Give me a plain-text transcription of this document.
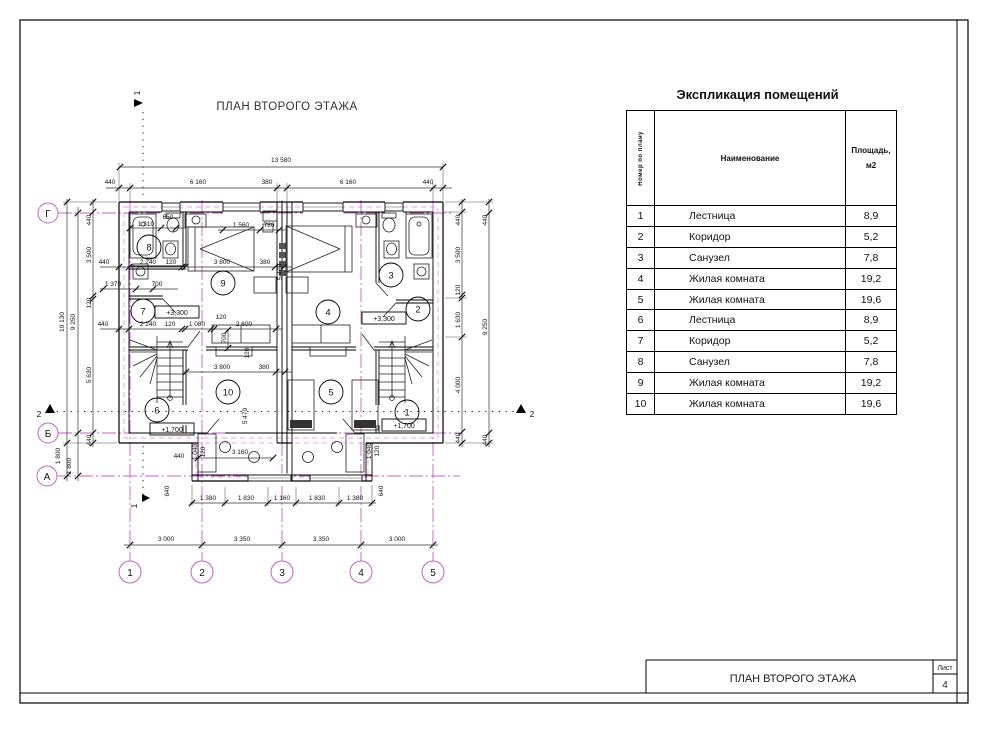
ПЛАН ВТОРОГО ЭТАЖА
Лист
4
ПЛАН ВТОРОГО ЭТАЖА
13 580
440	6 160	380	6 160	440
1 310
650
1 560 780
440	2 240 120	3 800	380
1 379	700
440	2 240 120 1 080
120
2 600
700
120
3 800	380
5 460
5 470
1 040 120	1 040 120
440
3 160
640	640
1 380	1 830	1 160	1 830	1 380
3 000	3 350	3 350	3 000
10 130 9 250
1 800
1 800
440
3 500
120
5 630
440
440
3 500
120
1 630
4 000
440
440
9 250
440
+3,300
+3,300
+1,700
+1,700
1
2
3
4
5
6
7
8
9
10
1	2	3	4	5
Г
Б
А
1
1
2	2
Экспликация помещений
Номер по плану	Наименование	Площадь,
м2
1	Лестница	8,9
2	Коридор	5,2
3	Санузел	7,8
4	Жилая комната	19,2
5	Жилая комната	19,6
6	Лестница	8,9
7	Коридор	5,2
8	Санузел	7,8
9	Жилая комната	19,2
10	Жилая комната	19,6
